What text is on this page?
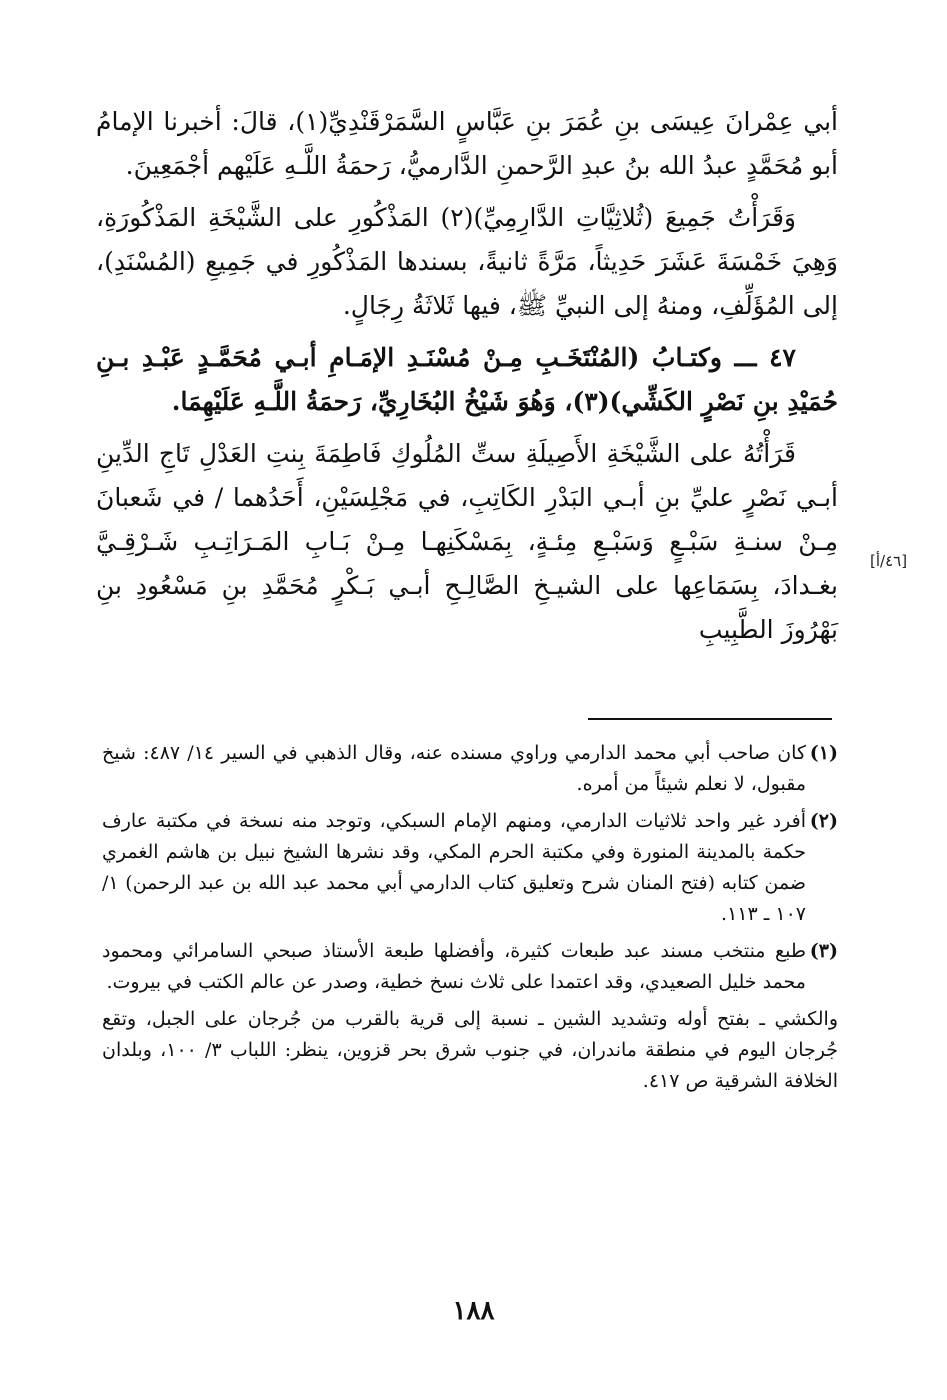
أبي عِمْرانَ عِيسَى بنِ عُمَرَ بنِ عَبَّاسٍ السَّمَرْقَنْدِيِّ(١)، قالَ: أخبرنا الإمامُ أبو مُحَمَّدٍ عبدُ الله بنُ عبدِ الرَّحمنِ الدَّارميُّ، رَحمَةُ اللَّـهِ عَلَيْهم أجْمَعِينَ.

وَقَرَأْتُ جَمِيعَ (ثُلاثِيَّاتِ الدَّارِمِيِّ)(٢) المَذْكُورِ على الشَّيْخَةِ المَذْكُورَةِ، وَهِيَ خَمْسَةَ عَشَرَ حَدِيثاً، مَرَّةً ثانيةً، بسندها المَذْكُورِ في جَمِيعِ (المُسْنَدِ)، إلى المُؤَلِّفِ، ومنهُ إلى النبيِّ ﷺ، فيها ثَلاثَةُ رِجَالٍ.

٤٧ ـــ وكتـابُ (المُنْتَخَـبِ مِـنْ مُسْنَـدِ الإمَـامِ أبـي مُحَمَّـدٍ عَبْـدِ بـنِ حُمَيْدِ بنِ نَصْرٍ الكَشِّي)(٣)، وَهُوَ شَيْخُ البُخَارِيِّ، رَحمَةُ اللَّـهِ عَلَيْهِمَا.

قَرَأْتُهُ على الشَّيْخَةِ الأَصِيلَةِ ستِّ المُلُوكِ فَاطِمَةَ بِنتِ العَدْلِ تَاجِ الدِّينِ أبـي نَصْرٍ عليِّ بنِ أبـي البَدْرِ الكَاتِبِ، في مَجْلِسَيْنِ، أَحَدُهما / في شَعبانَ مِـنْ سنـةِ سَبْـعٍ وَسَبْـعِ مِئـةٍ، بِمَسْكَنِهـا مِـنْ بَـابِ المَـرَاتِـبِ شَـرْقِـيَّ بغـدادَ، بِسَمَاعِها على الشيـخِ الصَّالِـحِ أبـي بَـكْرٍ مُحَمَّدِ بنِ مَسْعُودِ بنِ بَهْرُوزَ الطَّبِيبِ

[٤٦/أ]

(١)
كان صاحب أبي محمد الدارمي وراوي مسنده عنه، وقال الذهبي في السير ١٤/ ٤٨٧: شيخ مقبول، لا نعلم شيئاً من أمره.

(٢)
أفرد غير واحد ثلاثيات الدارمي، ومنهم الإمام السبكي، وتوجد منه نسخة في مكتبة عارف حكمة بالمدينة المنورة وفي مكتبة الحرم المكي، وقد نشرها الشيخ نبيل بن هاشم الغمري ضمن كتابه (فتح المنان شرح وتعليق كتاب الدارمي أبي محمد عبد الله بن عبد الرحمن) ١/ ١٠٧ ـ ١١٣.

(٣)
طبع منتخب مسند عبد طبعات كثيرة، وأفضلها طبعة الأستاذ صبحي السامرائي ومحمود محمد خليل الصعيدي، وقد اعتمدا على ثلاث نسخ خطية، وصدر عن عالم الكتب في بيروت.

والكشي ـ بفتح أوله وتشديد الشين ـ نسبة إلى قرية بالقرب من جُرجان على الجبل، وتقع جُرجان اليوم في منطقة ماندران، في جنوب شرق بحر قزوين، ينظر: اللباب ٣/ ١٠٠، وبلدان الخلافة الشرقية ص ٤١٧.

١٨٨
